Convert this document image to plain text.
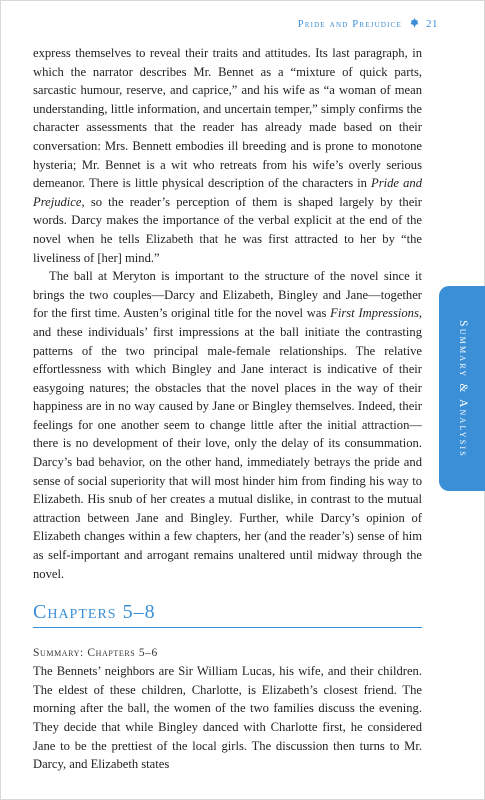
Pride and Prejudice 21

express themselves to reveal their traits and attitudes. Its last paragraph, in which the narrator describes Mr. Bennet as a “mixture of quick parts, sarcastic humour, reserve, and caprice,” and his wife as “a woman of mean understanding, little information, and uncertain temper,” simply confirms the character assessments that the reader has already made based on their conversation: Mrs. Bennett embodies ill breeding and is prone to monotone hysteria; Mr. Bennet is a wit who retreats from his wife’s overly serious demeanor. There is little physical description of the characters in Pride and Prejudice, so the reader’s perception of them is shaped largely by their words. Darcy makes the importance of the verbal explicit at the end of the novel when he tells Elizabeth that he was first attracted to her by “the liveliness of [her] mind.”

The ball at Meryton is important to the structure of the novel since it brings the two couples—Darcy and Elizabeth, Bingley and Jane—together for the first time. Austen’s original title for the novel was First Impressions, and these individuals’ first impressions at the ball initiate the contrasting patterns of the two principal male-female relationships. The relative effortlessness with which Bingley and Jane interact is indicative of their easygoing natures; the obstacles that the novel places in the way of their happiness are in no way caused by Jane or Bingley themselves. Indeed, their feelings for one another seem to change little after the initial attraction—there is no development of their love, only the delay of its consummation. Darcy’s bad behavior, on the other hand, immediately betrays the pride and sense of social superiority that will most hinder him from finding his way to Elizabeth. His snub of her creates a mutual dislike, in contrast to the mutual attraction between Jane and Bingley. Further, while Darcy’s opinion of Elizabeth changes within a few chapters, her (and the reader’s) sense of him as self-important and arrogant remains unaltered until midway through the novel.

Chapters 5–8
Summary: Chapters 5–6

The Bennets’ neighbors are Sir William Lucas, his wife, and their children. The eldest of these children, Charlotte, is Elizabeth’s closest friend. The morning after the ball, the women of the two families discuss the evening. They decide that while Bingley danced with Charlotte first, he considered Jane to be the prettiest of the local girls. The discussion then turns to Mr. Darcy, and Elizabeth states

Summary & Analysis
